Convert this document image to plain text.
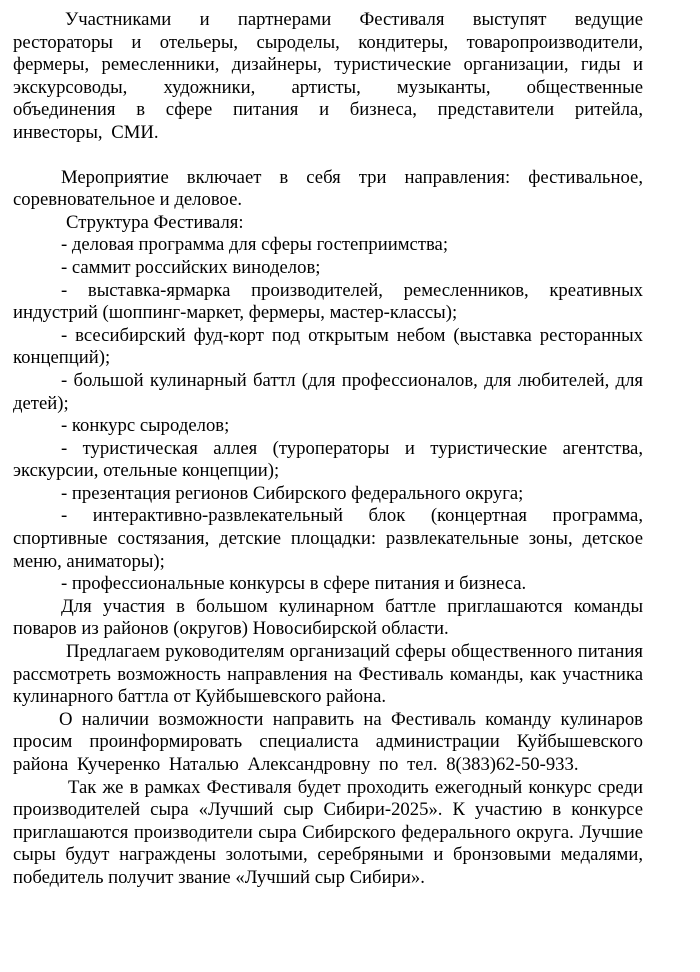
Участниками и партнерами Фестиваля выступят ведущие рестораторы и отельеры, сыроделы, кондитеры, товаропроизводители, фермеры, ремесленники, дизайнеры, туристические организации, гиды и экскурсоводы, художники, артисты, музыканты, общественные объединения в сфере питания и бизнеса, представители ритейла, инвесторы, СМИ.

Мероприятие включает в себя три направления: фестивальное, соревновательное и деловое.

Структура Фестиваля:

- деловая программа для сферы гостеприимства;

- саммит российских виноделов;

- выставка-ярмарка производителей, ремесленников, креативных индустрий (шоппинг-маркет, фермеры, мастер-классы);

- всесибирский фуд-корт под открытым небом (выставка ресторанных концепций);

- большой кулинарный баттл (для профессионалов, для любителей, для детей);

- конкурс сыроделов;

- туристическая аллея (туроператоры и туристические агентства, экскурсии, отельные концепции);

- презентация регионов Сибирского федерального округа;

- интерактивно-развлекательный блок (концертная программа, спортивные состязания, детские площадки: развлекательные зоны, детское меню, аниматоры);

- профессиональные конкурсы в сфере питания и бизнеса.

Для участия в большом кулинарном баттле приглашаются команды поваров из районов (округов) Новосибирской области.

Предлагаем руководителям организаций сферы общественного питания рассмотреть возможность направления на Фестиваль команды, как участника кулинарного баттла от Куйбышевского района.

О наличии возможности направить на Фестиваль команду кулинаров просим проинформировать специалиста администрации Куйбышевского района Кучеренко Наталью Александровну по тел. 8(383)62-50-933.

Так же в рамках Фестиваля будет проходить ежегодный конкурс среди производителей сыра «Лучший сыр Сибири-2025». К участию в конкурсе приглашаются производители сыра Сибирского федерального округа. Лучшие сыры будут награждены золотыми, серебряными и бронзовыми медалями, победитель получит звание «Лучший сыр Сибири».
